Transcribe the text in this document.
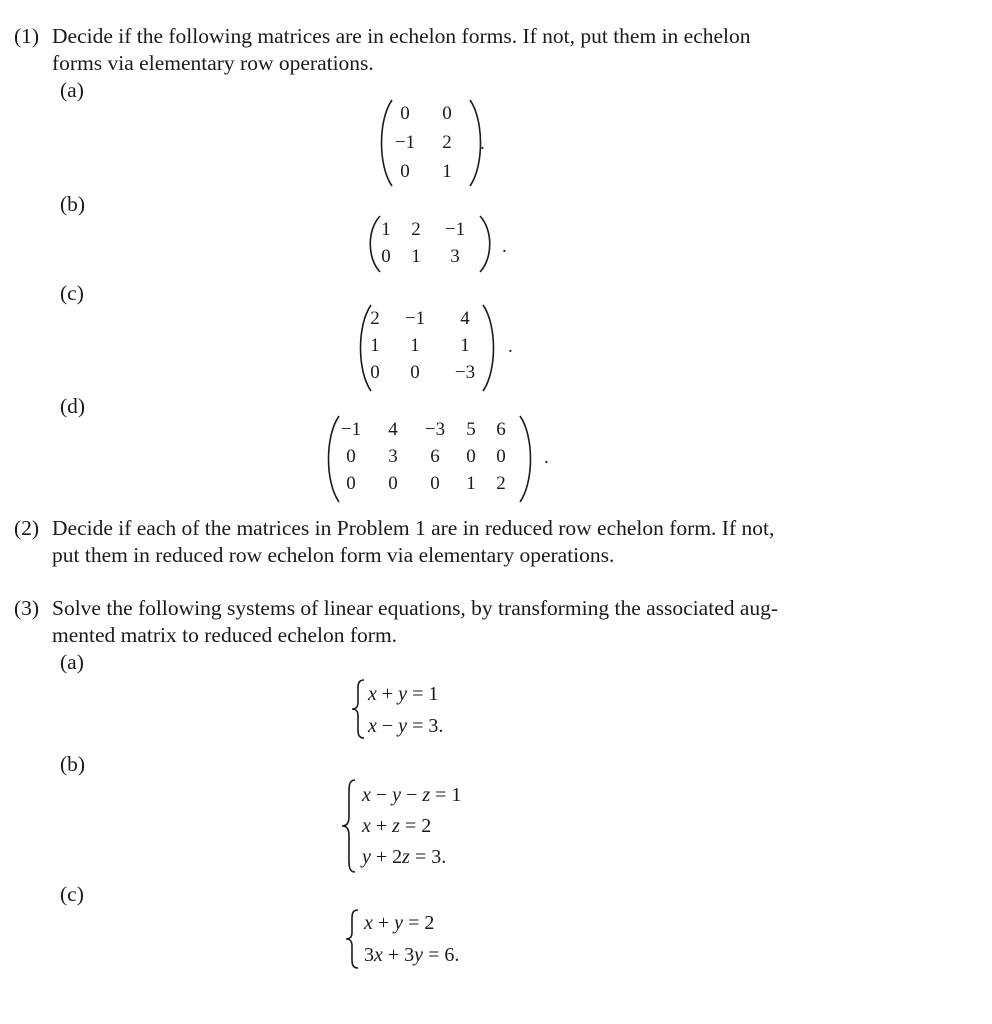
(1) Decide if the following matrices are in echelon forms. If not, put them in echelon
forms via elementary row operations.
(a)
0	0
−1	2
0	1
.
(b)
1	2	−1
0	1	3	.
(c)
2	−1	4
1	1	1
0	0	−3
.
(d)
−1	4	−3	5	6
0	3	6	0	0
0	0	0	1	2
.
(2) Decide if each of the matrices in Problem 1 are in reduced row echelon form. If not,
put them in reduced row echelon form via elementary operations.
(3) Solve the following systems of linear equations, by transforming the associated aug-
mented matrix to reduced echelon form.
(a)
x + y = 1
x − y = 3.
(b)
x − y − z = 1
x + z = 2
y + 2z = 3.
(c)
x + y = 2
3x + 3y = 6.
